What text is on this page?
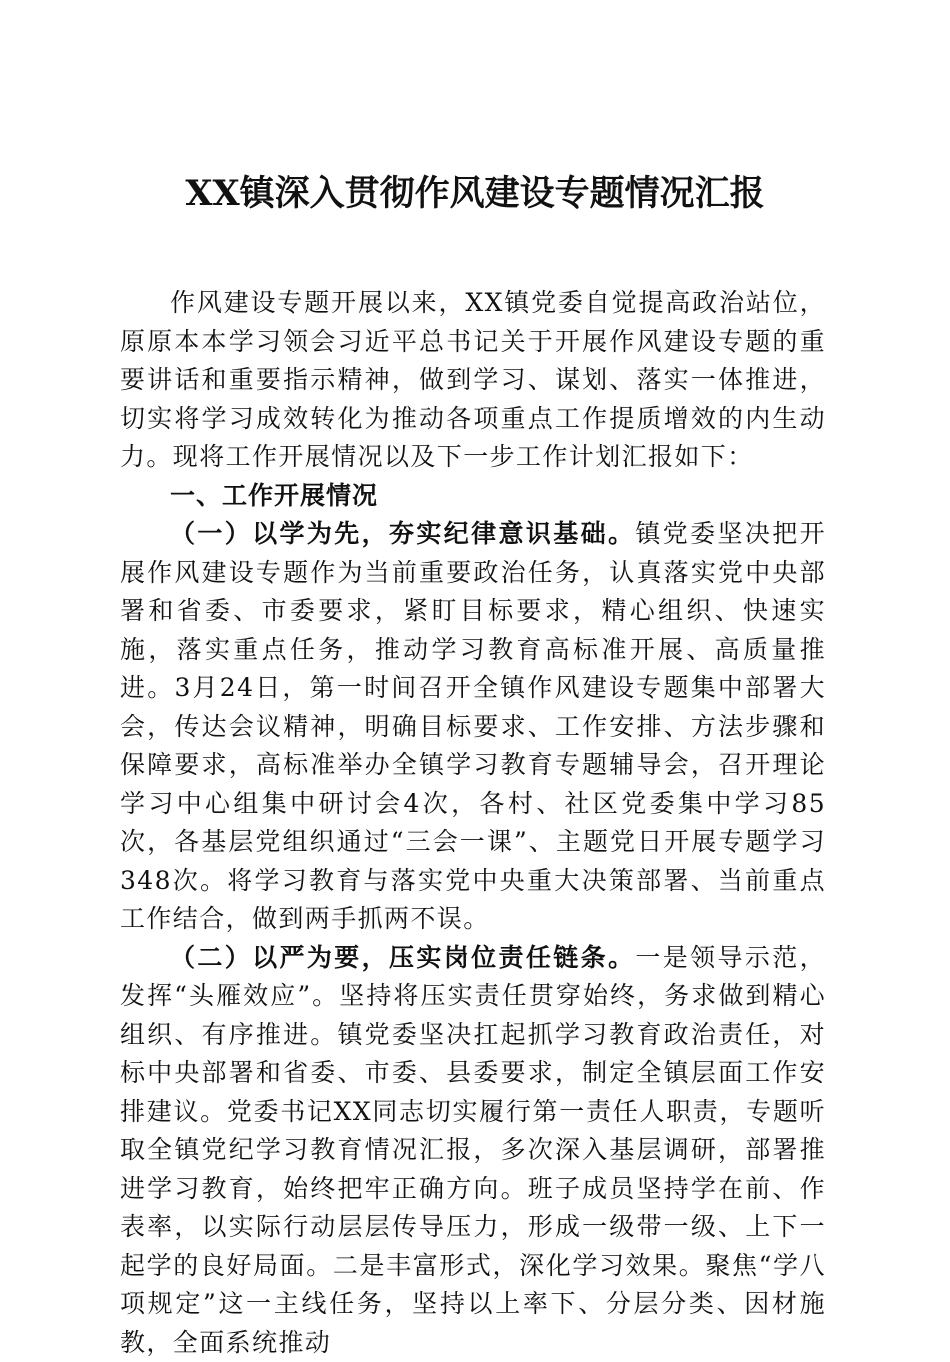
XX镇深入贯彻作风建设专题情况汇报

作风建设专题开展以来，XX镇党委自觉提高政治站位，原原本本学习领会习近平总书记关于开展作风建设专题的重要讲话和重要指示精神，做到学习、谋划、落实一体推进，切实将学习成效转化为推动各项重点工作提质增效的内生动力。现将工作开展情况以及下一步工作计划汇报如下：

一、工作开展情况

（一）以学为先，夯实纪律意识基础。镇党委坚决把开展作风建设专题作为当前重要政治任务，认真落实党中央部署和省委、市委要求，紧盯目标要求，精心组织、快速实施，落实重点任务，推动学习教育高标准开展、高质量推进。3月24日，第一时间召开全镇作风建设专题集中部署大会，传达会议精神，明确目标要求、工作安排、方法步骤和保障要求，高标准举办全镇学习教育专题辅导会，召开理论学习中心组集中研讨会4次，各村、社区党委集中学习85次，各基层党组织通过“三会一课”、主题党日开展专题学习348次。将学习教育与落实党中央重大决策部署、当前重点工作结合，做到两手抓两不误。

（二）以严为要，压实岗位责任链条。一是领导示范，发挥“头雁效应”。坚持将压实责任贯穿始终，务求做到精心组织、有序推进。镇党委坚决扛起抓学习教育政治责任，对标中央部署和省委、市委、县委要求，制定全镇层面工作安排建议。党委书记XX同志切实履行第一责任人职责，专题听取全镇党纪学习教育情况汇报，多次深入基层调研，部署推进学习教育，始终把牢正确方向。班子成员坚持学在前、作表率，以实际行动层层传导压力，形成一级带一级、上下一起学的良好局面。二是丰富形式，深化学习效果。聚焦“学八项规定”这一主线任务，坚持以上率下、分层分类、因材施教，全面系统推动
